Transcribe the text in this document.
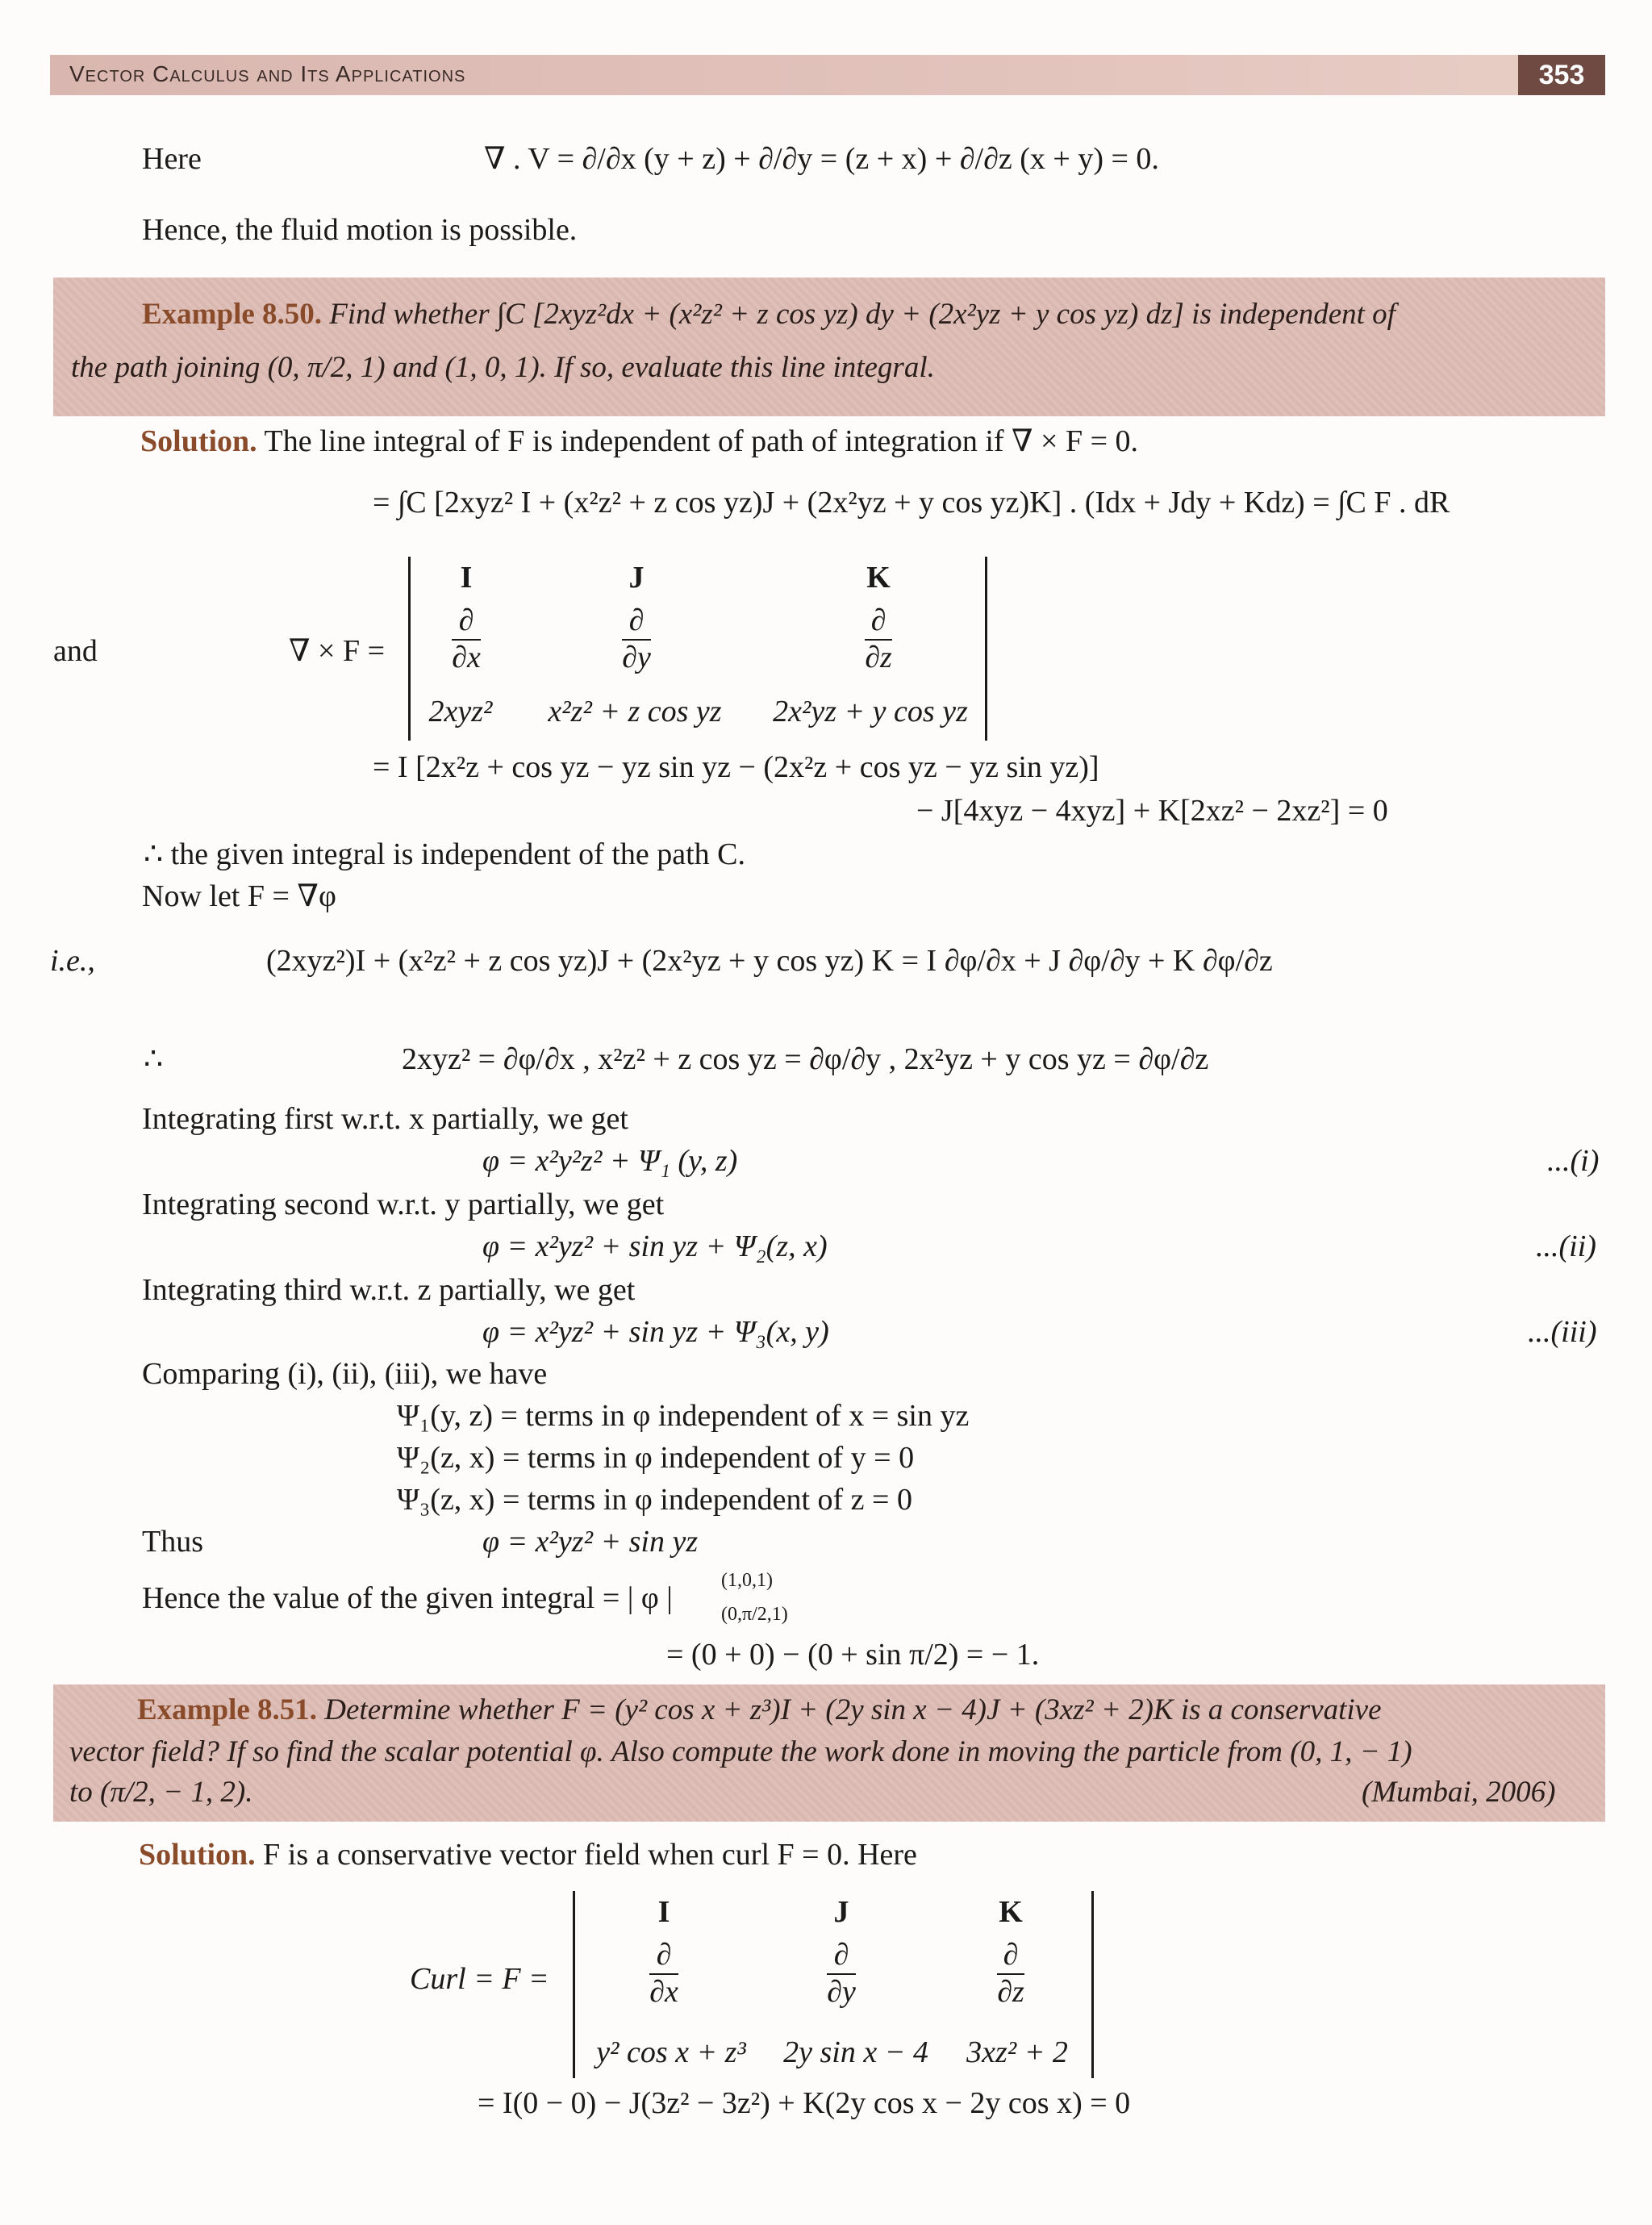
Vector Calculus and Its Applications	353
Here	∇ . V = ∂/∂x (y + z) + ∂/∂y = (z + x) + ∂/∂z (x + y) = 0.
Hence, the fluid motion is possible.
Example 8.50. Find whether ∫C [2xyz²dx + (x²z² + z cos yz) dy + (2x²yz + y cos yz) dz] is independent of
the path joining (0, π/2, 1) and (1, 0, 1). If so, evaluate this line integral.
Solution. The line integral of F is independent of path of integration if ∇ × F = 0.
= ∫C [2xyz² I + (x²z² + z cos yz)J + (2x²yz + y cos yz)K] . (Idx + Jdy + Kdz) = ∫C F . dR
and	∇ × F =
I	J	K
$\frac{\partial}{\partial x}$	$\frac{\partial}{\partial y}$	$\frac{\partial}{\partial z}$
2xyz²	x²z² + z cos yz	2x²yz + y cos yz
= I [2x²z + cos yz − yz sin yz − (2x²z + cos yz − yz sin yz)]
− J[4xyz − 4xyz] + K[2xz² − 2xz²] = 0
∴ the given integral is independent of the path C.
Now let F = ∇φ
i.e.,	(2xyz²)I + (x²z² + z cos yz)J + (2x²yz + y cos yz) K = I ∂φ/∂x + J ∂φ/∂y + K ∂φ/∂z
∴	2xyz² = ∂φ/∂x , x²z² + z cos yz = ∂φ/∂y , 2x²yz + y cos yz = ∂φ/∂z
Integrating first w.r.t. x partially, we get
φ = x²y²z² + Ψ₁ (y, z)	...(i)
Integrating second w.r.t. y partially, we get
φ = x²yz² + sin yz + Ψ₂(z, x)	...(ii)
Integrating third w.r.t. z partially, we get
φ = x²yz² + sin yz + Ψ₃(x, y)	...(iii)
Comparing (i), (ii), (iii), we have
Ψ₁(y, z) = terms in φ independent of x = sin yz
Ψ₂(z, x) = terms in φ independent of y = 0
Ψ₃(z, x) = terms in φ independent of z = 0
Thus	φ = x²yz² + sin yz
Hence the value of the given integral = | φ |
(1,0,1)
(0,π/2,1)
= (0 + 0) − (0 + sin π/2) = − 1.
Example 8.51. Determine whether F = (y² cos x + z³)I + (2y sin x − 4)J + (3xz² + 2)K is a conservative
vector field? If so find the scalar potential φ. Also compute the work done in moving the particle from (0, 1, − 1)
to (π/2, − 1, 2).	(Mumbai, 2006)
Solution. F is a conservative vector field when curl F = 0. Here
Curl = F =
I	J	K
$\frac{\partial}{\partial x}$	$\frac{\partial}{\partial y}$	$\frac{\partial}{\partial z}$
y² cos x + z³	2y sin x − 4	3xz² + 2
= I(0 − 0) − J(3z² − 3z²) + K(2y cos x − 2y cos x) = 0
